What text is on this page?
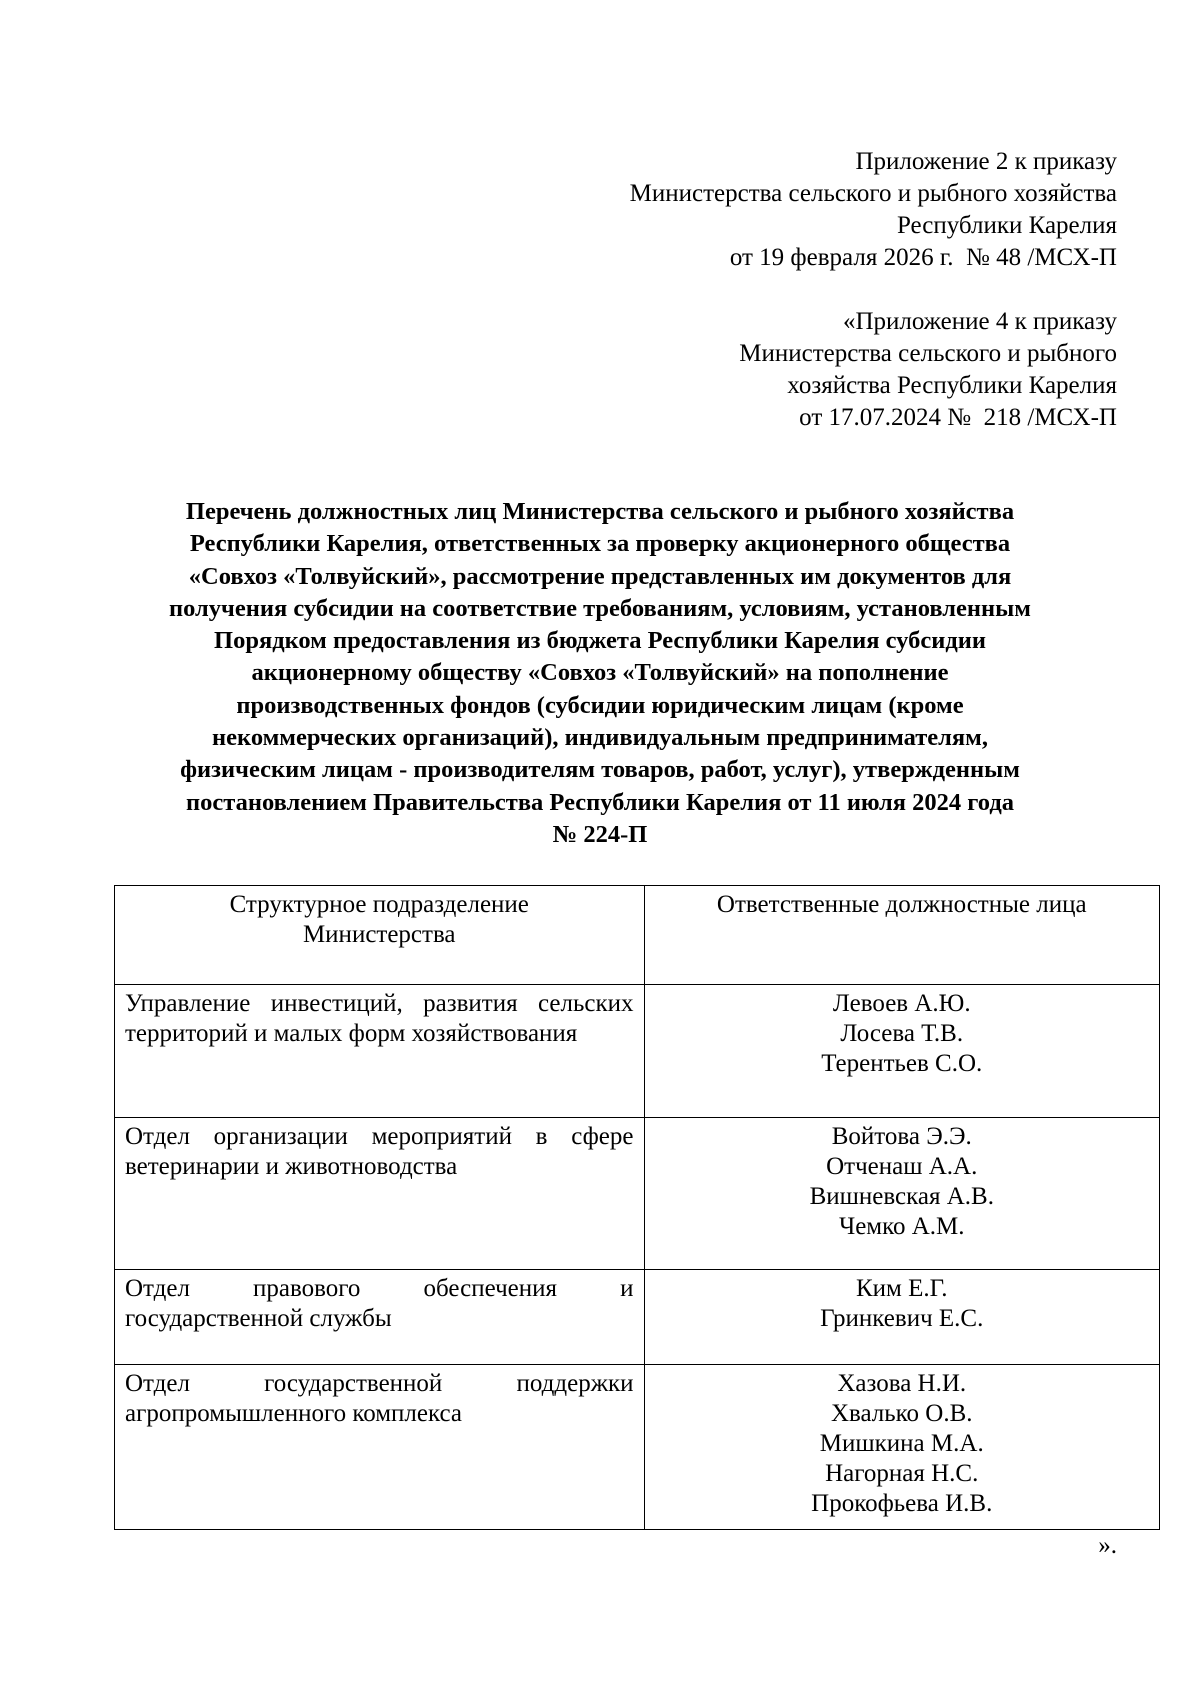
Приложение 2 к приказу
Министерства сельского и рыбного хозяйства
Республики Карелия
от 19 февраля 2026 г.  № 48 /МСХ-П
«Приложение 4 к приказу
Министерства сельского и рыбного
хозяйства Республики Карелия
от 17.07.2024 №  218 /МСХ-П
Перечень должностных лиц Министерства сельского и рыбного хозяйства
Республики Карелия, ответственных за проверку акционерного общества
«Совхоз «Толвуйский», рассмотрение представленных им документов для
получения субсидии на соответствие требованиям, условиям, установленным
Порядком предоставления из бюджета Республики Карелия субсидии
акционерному обществу «Совхоз «Толвуйский» на пополнение
производственных фондов (субсидии юридическим лицам (кроме
некоммерческих организаций), индивидуальным предпринимателям,
физическим лицам - производителям товаров, работ, услуг), утвержденным
постановлением Правительства Республики Карелия от 11 июля 2024 года
№ 224-П
Структурное подразделение
Министерства	Ответственные должностные лица

Управление инвестиций, развития сельских территорий и малых форм хозяйствования	Левоев А.Ю.
Лосева Т.В.
Терентьев С.О.

Отдел организации мероприятий в сфере ветеринарии и животноводства	Войтова Э.Э.
Отченаш А.А.
Вишневская А.В.
Чемко А.М.

Отдел правового обеспечения и государственной службы	Ким Е.Г.
Гринкевич Е.С.

Отдел государственной поддержки агропромышленного комплекса	Хазова Н.И.
Хвалько О.В.
Мишкина М.А.
Нагорная Н.С.
Прокофьева И.В.
».
